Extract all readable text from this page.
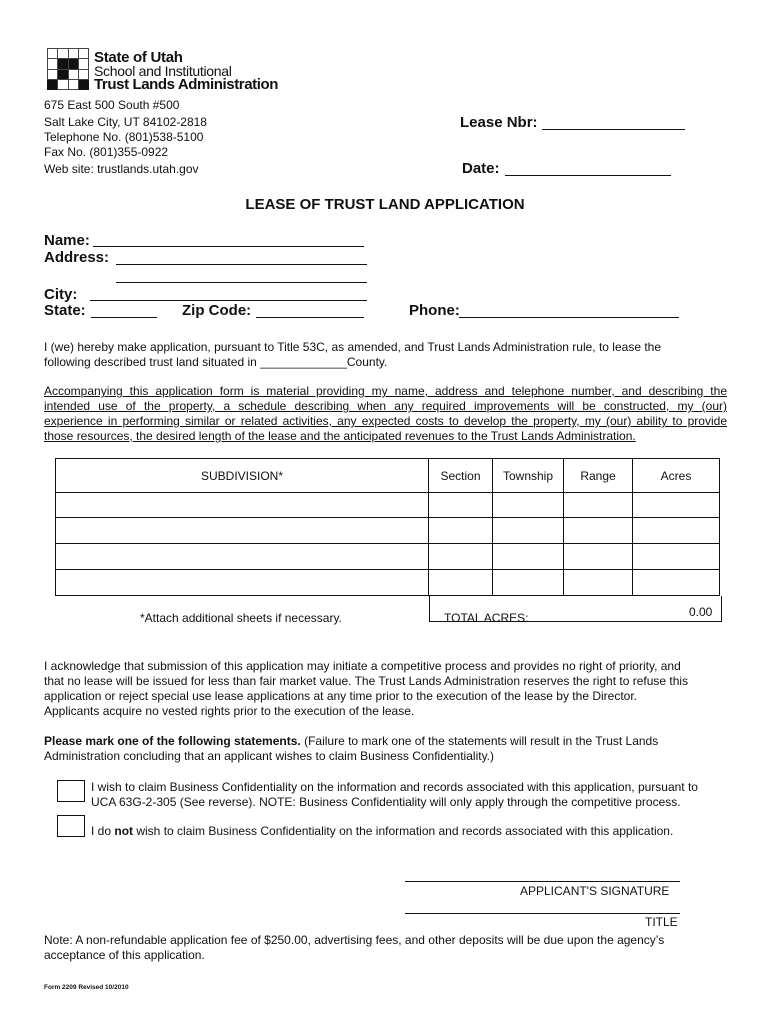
State of Utah
School and Institutional
Trust Lands Administration
675 East 500 South #500
Salt Lake City, UT 84102-2818
Telephone No. (801)538-5100
Fax No. (801)355-0922
Web site: trustlands.utah.gov
Lease Nbr:
Date:
LEASE OF TRUST LAND APPLICATION
Name:
Address:
City:
State:	Zip Code:	Phone:
I (we) hereby make application, pursuant to Title 53C, as amended, and Trust Lands Administration rule, to lease the
following described trust land situated in _____________County.
Accompanying this application form is material providing my name, address and telephone number, and describing the
intended use of the property, a schedule describing when any required improvements will be constructed, my (our)
experience in performing similar or related activities, any expected costs to develop the property, my (our) ability to provide
those resources, the desired length of the lease and the anticipated revenues to the Trust Lands Administration.
SUBDIVISION*	Section	Township	Range	Acres

*Attach additional sheets if necessary.	TOTAL ACRES:	0.00
I acknowledge that submission of this application may initiate a competitive process and provides no right of priority, and
that no lease will be issued for less than fair market value. The Trust Lands Administration reserves the right to refuse this
application or reject special use lease applications at any time prior to the execution of the lease by the Director.
Applicants acquire no vested rights prior to the execution of the lease.
Please mark one of the following statements. (Failure to mark one of the statements will result in the Trust Lands
Administration concluding that an applicant wishes to claim Business Confidentiality.)
I wish to claim Business Confidentiality on the information and records associated with this application, pursuant to
UCA 63G-2-305 (See reverse). NOTE: Business Confidentiality will only apply through the competitive process.
I do not wish to claim Business Confidentiality on the information and records associated with this application.
APPLICANT'S SIGNATURE
TITLE
Note: A non-refundable application fee of $250.00, advertising fees, and other deposits will be due upon the agency’s
acceptance of this application.
Form 2209 Revised 10/2010
